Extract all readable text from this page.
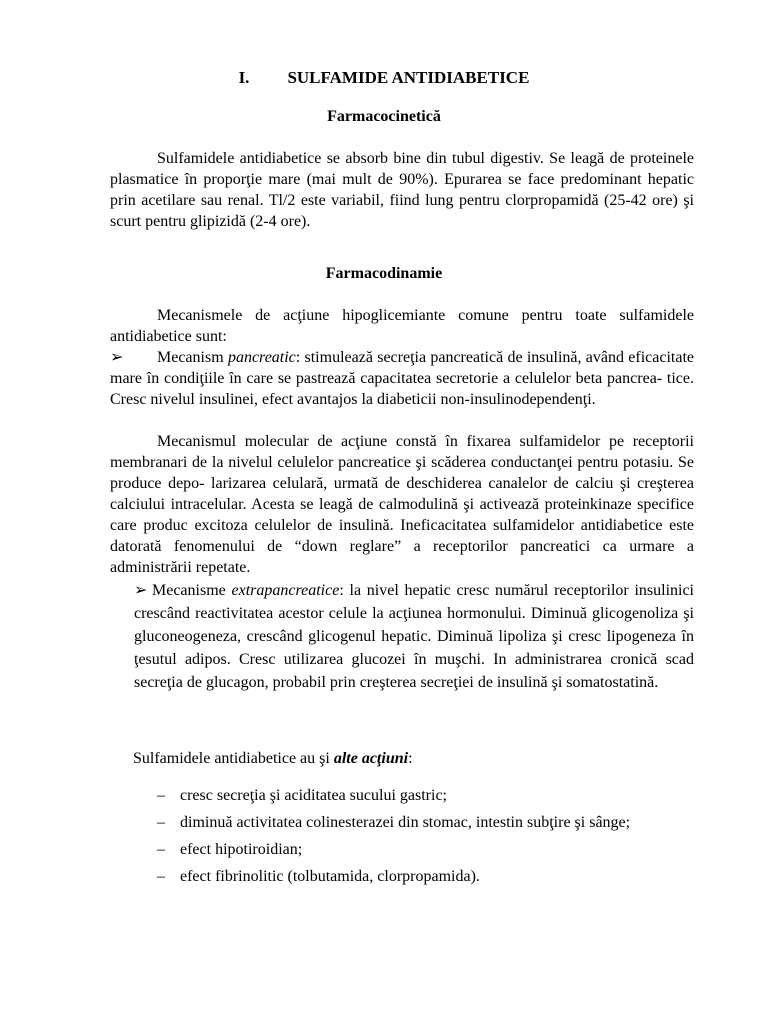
I. SULFAMIDE ANTIDIABETICE
Farmacocinetică

Sulfamidele antidiabetice se absorb bine din tubul digestiv. Se leagă de proteinele plasmatice în proporţie mare (mai mult de 90%). Epurarea se face predominant hepatic prin acetilare sau renal. Tl/2 este variabil, fiind lung pentru clorpropamidă (25-42 ore) şi scurt pentru glipizidă (2-4 ore).

Farmacodinamie

Mecanismele de acţiune hipoglicemiante comune pentru toate sulfamidele antidiabetice sunt:

➢ Mecanism pancreatic: stimulează secreţia pancreatică de insulină, având eficacitate mare în condiţiile în care se pastrează capacitatea secretorie a celulelor beta pancrea- tice. Cresc nivelul insulinei, efect avantajos la diabeticii non-insulinodependenţi.

Mecanismul molecular de acţiune constă în fixarea sulfamidelor pe receptorii membranari de la nivelul celulelor pancreatice şi scăderea conductanţei pentru potasiu. Se produce depo- larizarea celulară, urmată de deschiderea canalelor de calciu şi creşterea calciului intracelular. Acesta se leagă de calmodulină şi activează proteinkinaze specifice care produc excitoza celulelor de insulină. Ineficacitatea sulfamidelor antidiabetice este datorată fenomenului de “down reglare” a receptorilor pancreatici ca urmare a administrării repetate.

➢ Mecanisme extrapancreatice: la nivel hepatic cresc numărul receptorilor insulinici crescând reactivitatea acestor celule la acţiunea hormonului. Diminuă glicogenoliza şi gluconeogeneza, crescând glicogenul hepatic. Diminuă lipoliza şi cresc lipogeneza în ţesutul adipos. Cresc utilizarea glucozei în muşchi. In administrarea cronică scad secreţia de glucagon, probabil prin creşterea secreţiei de insulină şi somatostatină.
Sulfamidele antidiabetice au şi alte acţiuni:
– cresc secreţia şi aciditatea sucului gastric;
– diminuă activitatea colinesterazei din stomac, intestin subţire şi sânge;
– efect hipotiroidian;
– efect fibrinolitic (tolbutamida, clorpropamida).
